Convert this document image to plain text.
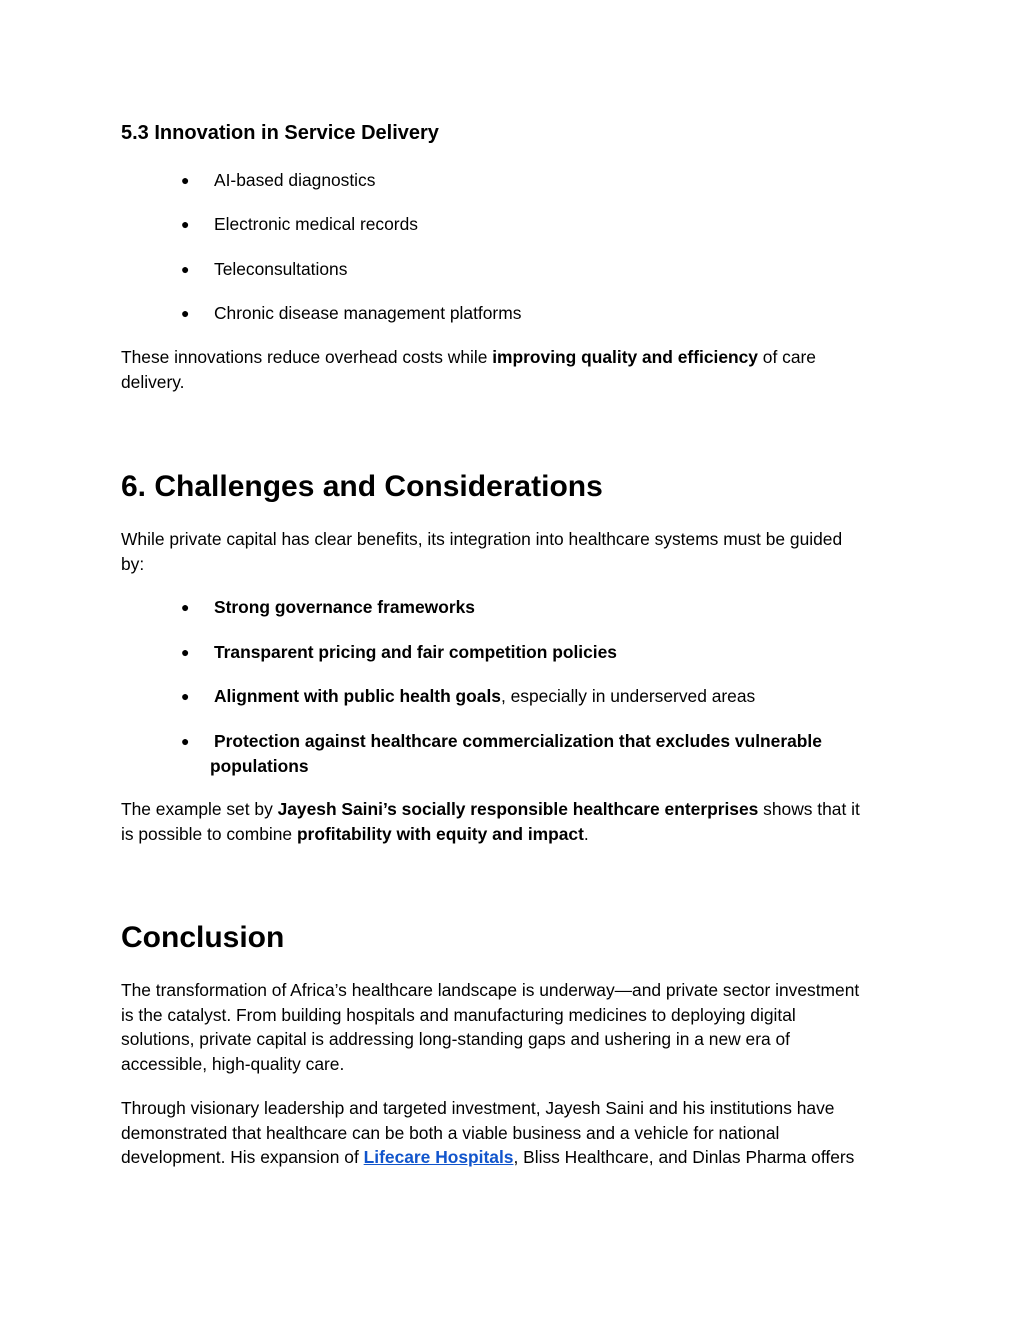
5.3 Innovation in Service Delivery
●	AI-based diagnostics
●	Electronic medical records
●	Teleconsultations
●	Chronic disease management platforms
These innovations reduce overhead costs while improving quality and efficiency of care
delivery.
6. Challenges and Considerations
While private capital has clear benefits, its integration into healthcare systems must be guided
by:
●	Strong governance frameworks
●	Transparent pricing and fair competition policies
●	Alignment with public health goals, especially in underserved areas
●	Protection against healthcare commercialization that excludes vulnerable
populations
The example set by Jayesh Saini’s socially responsible healthcare enterprises shows that it
is possible to combine profitability with equity and impact.
Conclusion
The transformation of Africa’s healthcare landscape is underway—and private sector investment
is the catalyst. From building hospitals and manufacturing medicines to deploying digital
solutions, private capital is addressing long-standing gaps and ushering in a new era of
accessible, high-quality care.
Through visionary leadership and targeted investment, Jayesh Saini and his institutions have
demonstrated that healthcare can be both a viable business and a vehicle for national
development. His expansion of Lifecare Hospitals, Bliss Healthcare, and Dinlas Pharma offers
